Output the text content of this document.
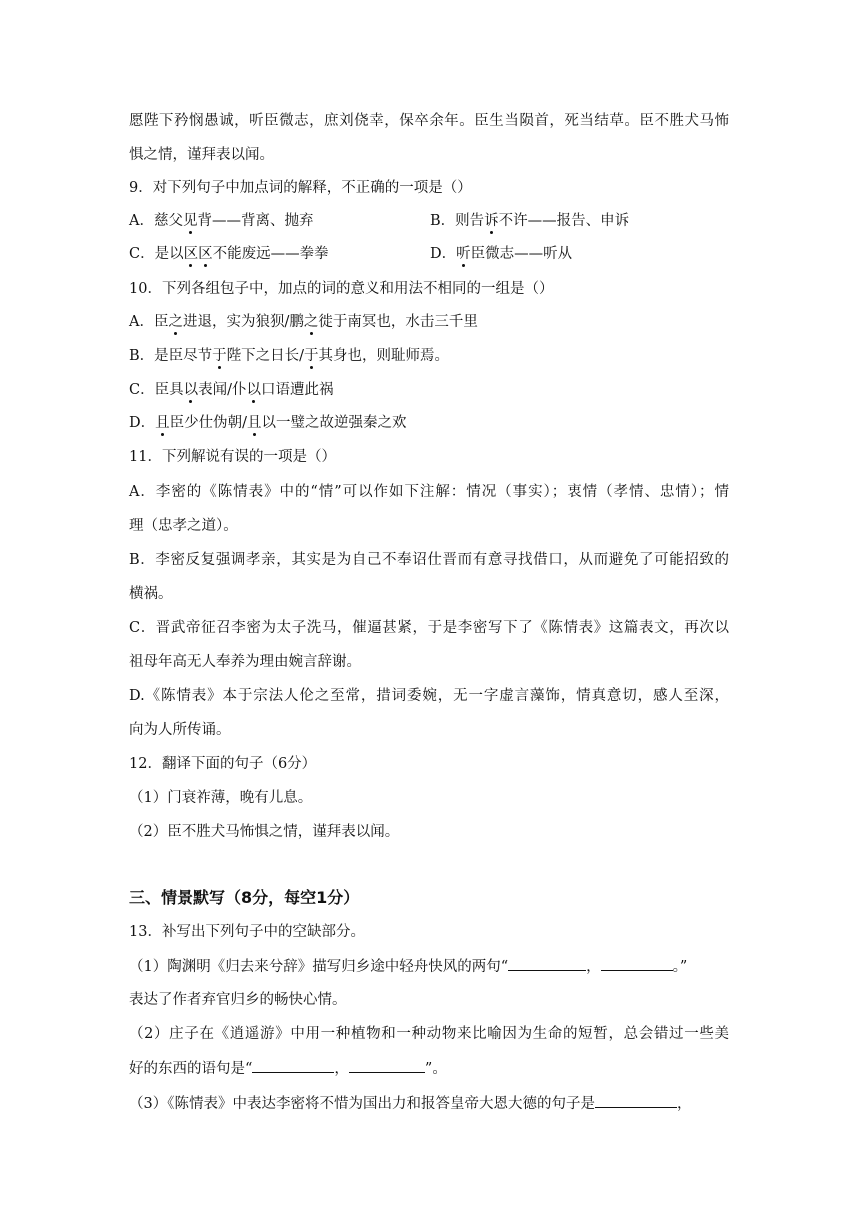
愿陛下矜悯愚诚，听臣微志，庶刘侥幸，保卒余年。臣生当陨首，死当结草。臣不胜犬马怖
惧之情，谨拜表以闻。
9．对下列句子中加点词的解释，不正确的一项是（）
A．慈父见背——背离、抛弃	B．则告诉不许——报告、申诉
C．是以区区不能废远——拳拳	D．听臣微志——听从
10．下列各组包子中，加点的词的意义和用法不相同的一组是（）
A．臣之进退，实为狼狈/鹏之徙于南冥也，水击三千里
B．是臣尽节于陛下之日长/于其身也，则耻师焉。
C．臣具以表闻/仆以口语遭此祸
D．且臣少仕伪朝/且以一璧之故逆强秦之欢
11．下列解说有误的一项是（）
A．李密的《陈情表》中的“情”可以作如下注解：情况（事实）；衷情（孝情、忠情）；情
理（忠孝之道）。
B．李密反复强调孝亲，其实是为自己不奉诏仕晋而有意寻找借口，从而避免了可能招致的
横祸。
C．晋武帝征召李密为太子洗马，催逼甚紧，于是李密写下了《陈情表》这篇表文，再次以
祖母年高无人奉养为理由婉言辞谢。
D.《陈情表》本于宗法人伦之至常，措词委婉，无一字虚言藻饰，情真意切，感人至深，
向为人所传诵。
12．翻译下面的句子（6分）
（1）门衰祚薄，晚有儿息。
（2）臣不胜犬马怖惧之情，谨拜表以闻。
三、情景默写（8分，每空1分）
13．补写出下列句子中的空缺部分。
（1）陶渊明《归去来兮辞》描写归乡途中轻舟快风的两句“	，	。”
表达了作者弃官归乡的畅快心情。
（2）庄子在《逍遥游》中用一种植物和一种动物来比喻因为生命的短暂，总会错过一些美
好的东西的语句是“	，	”。
（3）《陈情表》中表达李密将不惜为国出力和报答皇帝大恩大德的句子是	，
